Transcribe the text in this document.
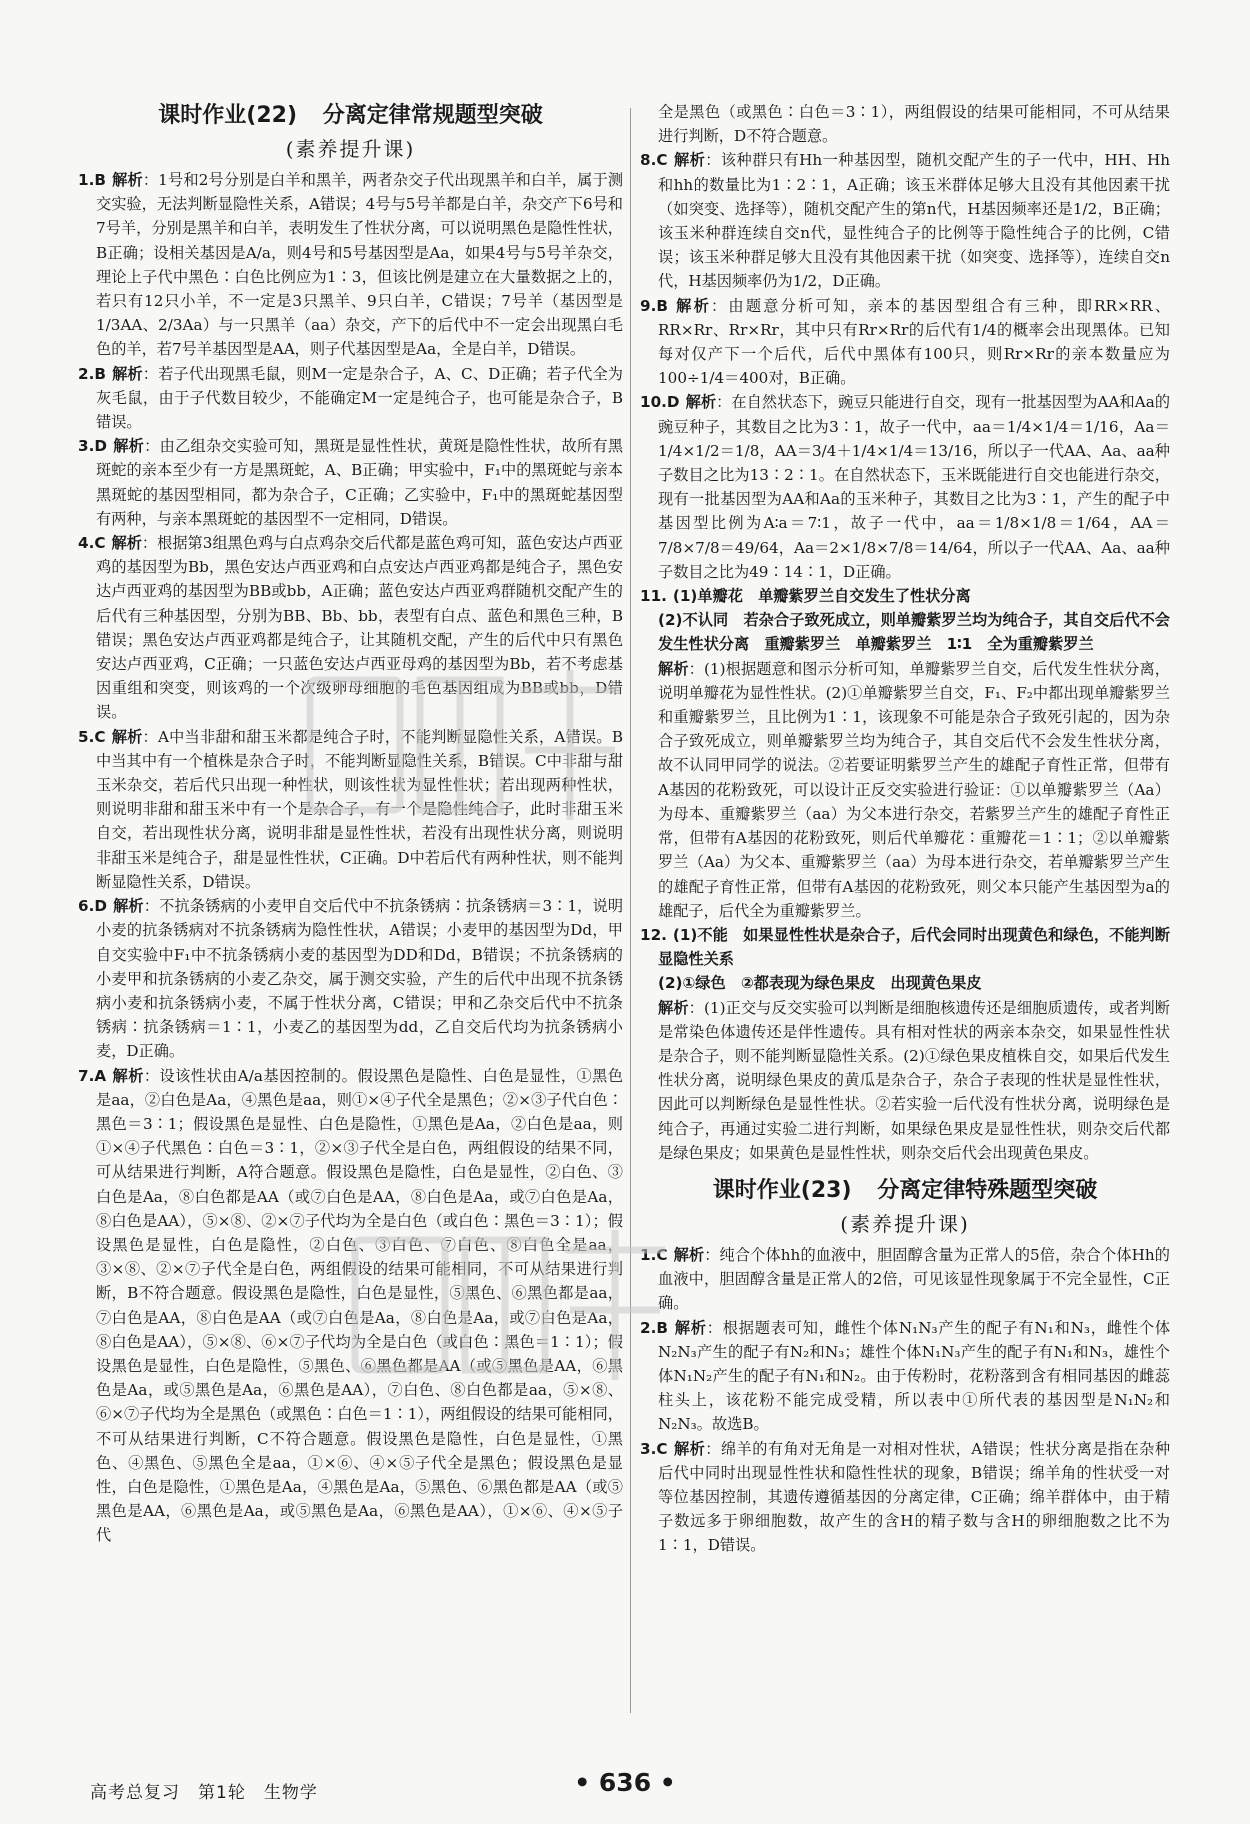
课时作业(22) 分离定律常规题型突破
(素养提升课)

1.B 解析：1号和2号分别是白羊和黑羊，两者杂交子代出现黑羊和白羊，属于测交实验，无法判断显隐性关系，A错误；4号与5号羊都是白羊，杂交产下6号和7号羊，分别是黑羊和白羊，表明发生了性状分离，可以说明黑色是隐性性状，B正确；设相关基因是A/a，则4号和5号基因型是Aa，如果4号与5号羊杂交，理论上子代中黑色∶白色比例应为1∶3，但该比例是建立在大量数据之上的，若只有12只小羊，不一定是3只黑羊、9只白羊，C错误；7号羊（基因型是1/3AA、2/3Aa）与一只黑羊（aa）杂交，产下的后代中不一定会出现黑白毛色的羊，若7号羊基因型是AA，则子代基因型是Aa，全是白羊，D错误。

2.B 解析：若子代出现黑毛鼠，则M一定是杂合子，A、C、D正确；若子代全为灰毛鼠，由于子代数目较少，不能确定M一定是纯合子，也可能是杂合子，B错误。

3.D 解析：由乙组杂交实验可知，黑斑是显性性状，黄斑是隐性性状，故所有黑斑蛇的亲本至少有一方是黑斑蛇，A、B正确；甲实验中，F₁中的黑斑蛇与亲本黑斑蛇的基因型相同，都为杂合子，C正确；乙实验中，F₁中的黑斑蛇基因型有两种，与亲本黑斑蛇的基因型不一定相同，D错误。

4.C 解析：根据第3组黑色鸡与白点鸡杂交后代都是蓝色鸡可知，蓝色安达卢西亚鸡的基因型为Bb，黑色安达卢西亚鸡和白点安达卢西亚鸡都是纯合子，黑色安达卢西亚鸡的基因型为BB或bb，A正确；蓝色安达卢西亚鸡群随机交配产生的后代有三种基因型，分别为BB、Bb、bb，表型有白点、蓝色和黑色三种，B错误；黑色安达卢西亚鸡都是纯合子，让其随机交配，产生的后代中只有黑色安达卢西亚鸡，C正确；一只蓝色安达卢西亚母鸡的基因型为Bb，若不考虑基因重组和突变，则该鸡的一个次级卵母细胞的毛色基因组成为BB或bb，D错误。

5.C 解析：A中当非甜和甜玉米都是纯合子时，不能判断显隐性关系，A错误。B中当其中有一个植株是杂合子时，不能判断显隐性关系，B错误。C中非甜与甜玉米杂交，若后代只出现一种性状，则该性状为显性性状；若出现两种性状，则说明非甜和甜玉米中有一个是杂合子，有一个是隐性纯合子，此时非甜玉米自交，若出现性状分离，说明非甜是显性性状，若没有出现性状分离，则说明非甜玉米是纯合子，甜是显性性状，C正确。D中若后代有两种性状，则不能判断显隐性关系，D错误。

6.D 解析：不抗条锈病的小麦甲自交后代中不抗条锈病∶抗条锈病＝3∶1，说明小麦的抗条锈病对不抗条锈病为隐性性状，A错误；小麦甲的基因型为Dd，甲自交实验中F₁中不抗条锈病小麦的基因型为DD和Dd，B错误；不抗条锈病的小麦甲和抗条锈病的小麦乙杂交，属于测交实验，产生的后代中出现不抗条锈病小麦和抗条锈病小麦，不属于性状分离，C错误；甲和乙杂交后代中不抗条锈病∶抗条锈病＝1∶1，小麦乙的基因型为dd，乙自交后代均为抗条锈病小麦，D正确。

7.A 解析：设该性状由A/a基因控制的。假设黑色是隐性、白色是显性，①黑色是aa，②白色是Aa，④黑色是aa，则①×④子代全是黑色；②×③子代白色∶黑色＝3∶1；假设黑色是显性、白色是隐性，①黑色是Aa，②白色是aa，则①×④子代黑色∶白色＝3∶1，②×③子代全是白色，两组假设的结果不同，可从结果进行判断，A符合题意。假设黑色是隐性，白色是显性，②白色、③白色是Aa，⑧白色都是AA（或⑦白色是AA，⑧白色是Aa，或⑦白色是Aa，⑧白色是AA），⑤×⑧、②×⑦子代均为全是白色（或白色∶黑色＝3∶1）；假设黑色是显性，白色是隐性，②白色、③白色、⑦白色、⑧白色全是aa，③×⑧、②×⑦子代全是白色，两组假设的结果可能相同，不可从结果进行判断，B不符合题意。假设黑色是隐性，白色是显性，⑤黑色、⑥黑色都是aa，⑦白色是AA，⑧白色是AA（或⑦白色是Aa，⑧白色是Aa，或⑦白色是Aa，⑧白色是AA），⑤×⑧、⑥×⑦子代均为全是白色（或白色∶黑色＝1∶1）；假设黑色是显性，白色是隐性，⑤黑色、⑥黑色都是AA（或⑤黑色是AA，⑥黑色是Aa，或⑤黑色是Aa，⑥黑色是AA），⑦白色、⑧白色都是aa，⑤×⑧、⑥×⑦子代均为全是黑色（或黑色∶白色＝1∶1），两组假设的结果可能相同，不可从结果进行判断，C不符合题意。假设黑色是隐性，白色是显性，①黑色、④黑色、⑤黑色全是aa，①×⑥、④×⑤子代全是黑色；假设黑色是显性，白色是隐性，①黑色是Aa，④黑色是Aa，⑤黑色、⑥黑色都是AA（或⑤黑色是AA，⑥黑色是Aa，或⑤黑色是Aa，⑥黑色是AA），①×⑥、④×⑤子代

全是黑色（或黑色∶白色＝3∶1），两组假设的结果可能相同，不可从结果进行判断，D不符合题意。

8.C 解析：该种群只有Hh一种基因型，随机交配产生的子一代中，HH、Hh和hh的数量比为1∶2∶1，A正确；该玉米群体足够大且没有其他因素干扰（如突变、选择等），随机交配产生的第n代，H基因频率还是1/2，B正确；该玉米种群连续自交n代，显性纯合子的比例等于隐性纯合子的比例，C错误；该玉米种群足够大且没有其他因素干扰（如突变、选择等），连续自交n代，H基因频率仍为1/2，D正确。

9.B 解析：由题意分析可知，亲本的基因型组合有三种，即RR×RR、RR×Rr、Rr×Rr，其中只有Rr×Rr的后代有1/4的概率会出现黑体。已知每对仅产下一个后代，后代中黑体有100只，则Rr×Rr的亲本数量应为100÷1/4＝400对，B正确。

10.D 解析：在自然状态下，豌豆只能进行自交，现有一批基因型为AA和Aa的豌豆种子，其数目之比为3∶1，故子一代中，aa＝1/4×1/4＝1/16，Aa＝1/4×1/2＝1/8，AA＝3/4＋1/4×1/4＝13/16，所以子一代AA、Aa、aa种子数目之比为13∶2∶1。在自然状态下，玉米既能进行自交也能进行杂交，现有一批基因型为AA和Aa的玉米种子，其数目之比为3∶1，产生的配子中基因型比例为A∶a＝7∶1，故子一代中，aa＝1/8×1/8＝1/64，AA＝7/8×7/8＝49/64，Aa＝2×1/8×7/8＝14/64，所以子一代AA、Aa、aa种子数目之比为49∶14∶1，D正确。

11. (1)单瓣花　单瓣紫罗兰自交发生了性状分离

(2)不认同　若杂合子致死成立，则单瓣紫罗兰均为纯合子，其自交后代不会发生性状分离　重瓣紫罗兰　单瓣紫罗兰　1∶1　全为重瓣紫罗兰

解析：(1)根据题意和图示分析可知，单瓣紫罗兰自交，后代发生性状分离，说明单瓣花为显性性状。(2)①单瓣紫罗兰自交，F₁、F₂中都出现单瓣紫罗兰和重瓣紫罗兰，且比例为1∶1，该现象不可能是杂合子致死引起的，因为杂合子致死成立，则单瓣紫罗兰均为纯合子，其自交后代不会发生性状分离，故不认同甲同学的说法。②若要证明紫罗兰产生的雄配子育性正常，但带有A基因的花粉致死，可以设计正反交实验进行验证：①以单瓣紫罗兰（Aa）为母本、重瓣紫罗兰（aa）为父本进行杂交，若紫罗兰产生的雄配子育性正常，但带有A基因的花粉致死，则后代单瓣花∶重瓣花＝1∶1；②以单瓣紫罗兰（Aa）为父本、重瓣紫罗兰（aa）为母本进行杂交，若单瓣紫罗兰产生的雄配子育性正常，但带有A基因的花粉致死，则父本只能产生基因型为a的雄配子，后代全为重瓣紫罗兰。

12. (1)不能　如果显性性状是杂合子，后代会同时出现黄色和绿色，不能判断显隐性关系

(2)①绿色　②都表现为绿色果皮　出现黄色果皮

解析：(1)正交与反交实验可以判断是细胞核遗传还是细胞质遗传，或者判断是常染色体遗传还是伴性遗传。具有相对性状的两亲本杂交，如果显性性状是杂合子，则不能判断显隐性关系。(2)①绿色果皮植株自交，如果后代发生性状分离，说明绿色果皮的黄瓜是杂合子，杂合子表现的性状是显性性状，因此可以判断绿色是显性性状。②若实验一后代没有性状分离，说明绿色是纯合子，再通过实验二进行判断，如果绿色果皮是显性性状，则杂交后代都是绿色果皮；如果黄色是显性性状，则杂交后代会出现黄色果皮。

课时作业(23) 分离定律特殊题型突破
(素养提升课)

1.C 解析：纯合个体hh的血液中，胆固醇含量为正常人的5倍，杂合个体Hh的血液中，胆固醇含量是正常人的2倍，可见该显性现象属于不完全显性，C正确。

2.B 解析：根据题表可知，雌性个体N₁N₃产生的配子有N₁和N₃，雌性个体N₂N₃产生的配子有N₂和N₃；雄性个体N₁N₃产生的配子有N₁和N₃，雄性个体N₁N₂产生的配子有N₁和N₂。由于传粉时，花粉落到含有相同基因的雌蕊柱头上，该花粉不能完成受精，所以表中①所代表的基因型是N₁N₂和N₂N₃。故选B。

3.C 解析：绵羊的有角对无角是一对相对性状，A错误；性状分离是指在杂种后代中同时出现显性性状和隐性性状的现象，B错误；绵羊角的性状受一对等位基因控制，其遗传遵循基因的分离定律，C正确；绵羊群体中，由于精子数远多于卵细胞数，故产生的含H的精子数与含H的卵细胞数之比不为1∶1，D错误。

高考总复习　第1轮　生物学	• 636 •
